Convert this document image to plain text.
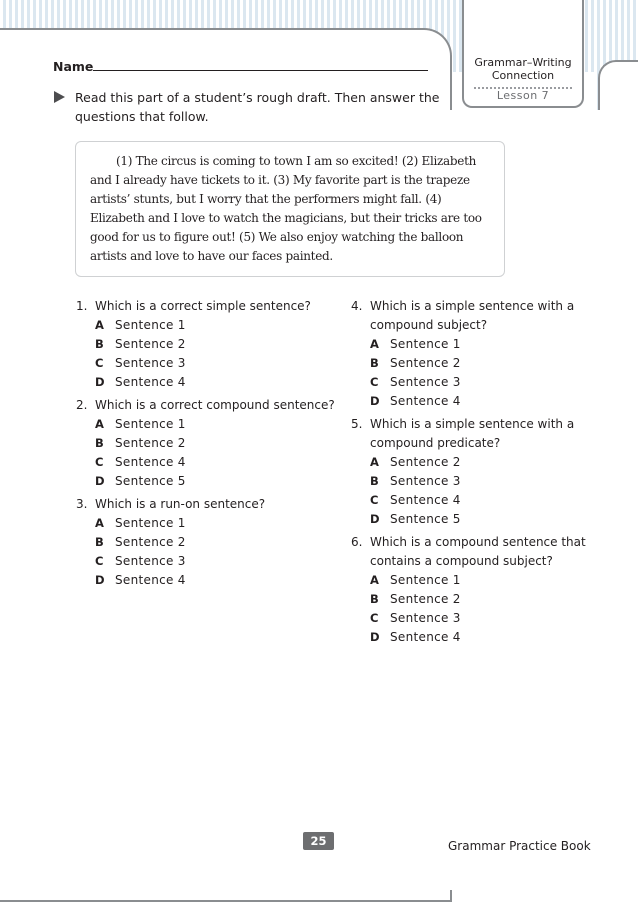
Grammar–Writing
Connection
Lesson 7
Name
Read this part of a student’s rough draft. Then answer the questions that follow.

(1) The circus is coming to town I am so excited! (2) Elizabeth and I already have tickets to it. (3) My favorite part is the trapeze artists’ stunts, but I worry that the performers might fall. (4) Elizabeth and I love to watch the magicians, but their tricks are too good for us to figure out! (5) We also enjoy watching the balloon artists and love to have our faces painted.

1. Which is a correct simple sentence?
A Sentence 1
B Sentence 2
C Sentence 3
D Sentence 4
2. Which is a correct compound sentence?
A Sentence 1
B Sentence 2
C Sentence 4
D Sentence 5
3. Which is a run-on sentence?
A Sentence 1
B Sentence 2
C Sentence 3
D Sentence 4
4. Which is a simple sentence with a compound subject?
A Sentence 1
B Sentence 2
C Sentence 3
D Sentence 4
5. Which is a simple sentence with a compound predicate?
A Sentence 2
B Sentence 3
C Sentence 4
D Sentence 5
6. Which is a compound sentence that contains a compound subject?
A Sentence 1
B Sentence 2
C Sentence 3
D Sentence 4
25	Grammar Practice Book
